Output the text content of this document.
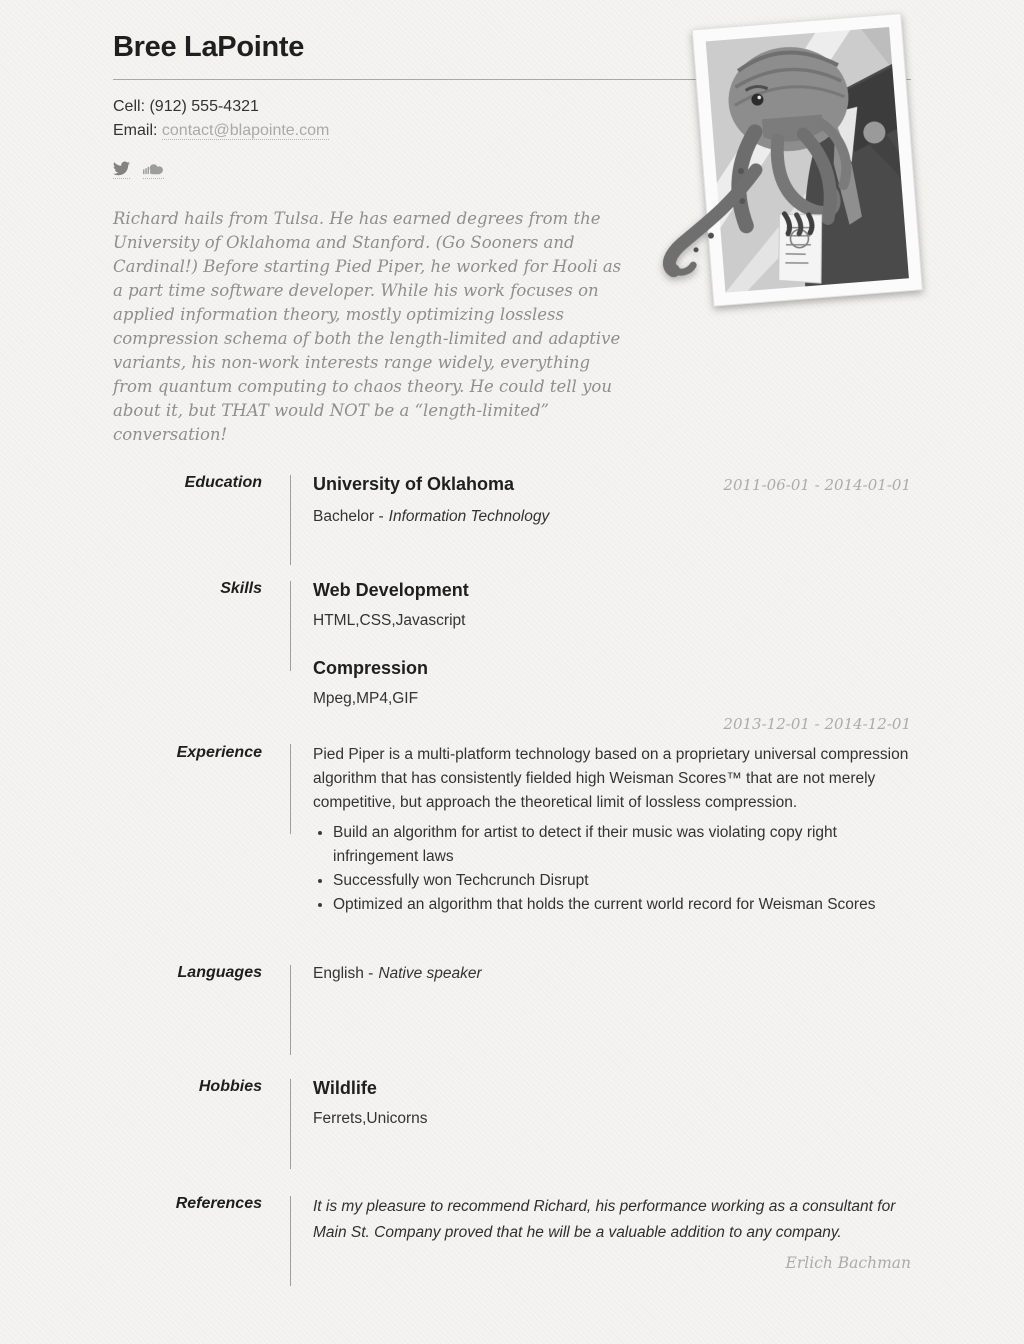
Bree LaPointe

Cell: (912) 555-4321

Email: contact@blapointe.com

Richard hails from Tulsa. He has earned degrees from the University of Oklahoma and Stanford. (Go Sooners and Cardinal!) Before starting Pied Piper, he worked for Hooli as a part time software developer. While his work focuses on applied information theory, mostly optimizing lossless compression schema of both the length-limited and adaptive variants, his non-work interests range widely, everything from quantum computing to chaos theory. He could tell you about it, but THAT would NOT be a “length-limited” conversation!

Education	University of Oklahoma	2011-06-01 - 2014-01-01

Bachelor - Information Technology

Skills	Web Development

HTML,CSS,Javascript

Compression

Mpeg,MP4,GIF

Experience
2013-12-01 - 2014-12-01

Pied Piper is a multi-platform technology based on a proprietary universal compression algorithm that has consistently fielded high Weisman Scores™ that are not merely competitive, but approach the theoretical limit of lossless compression.

• Build an algorithm for artist to detect if their music was violating copy right infringement laws
• Successfully won Techcrunch Disrupt
• Optimized an algorithm that holds the current world record for Weisman Scores
Languages	English - Native speaker

Hobbies	Wildlife

Ferrets,Unicorns

References	It is my pleasure to recommend Richard, his performance working as a consultant for Main St. Company proved that he will be a valuable addition to any company.

Erlich Bachman
